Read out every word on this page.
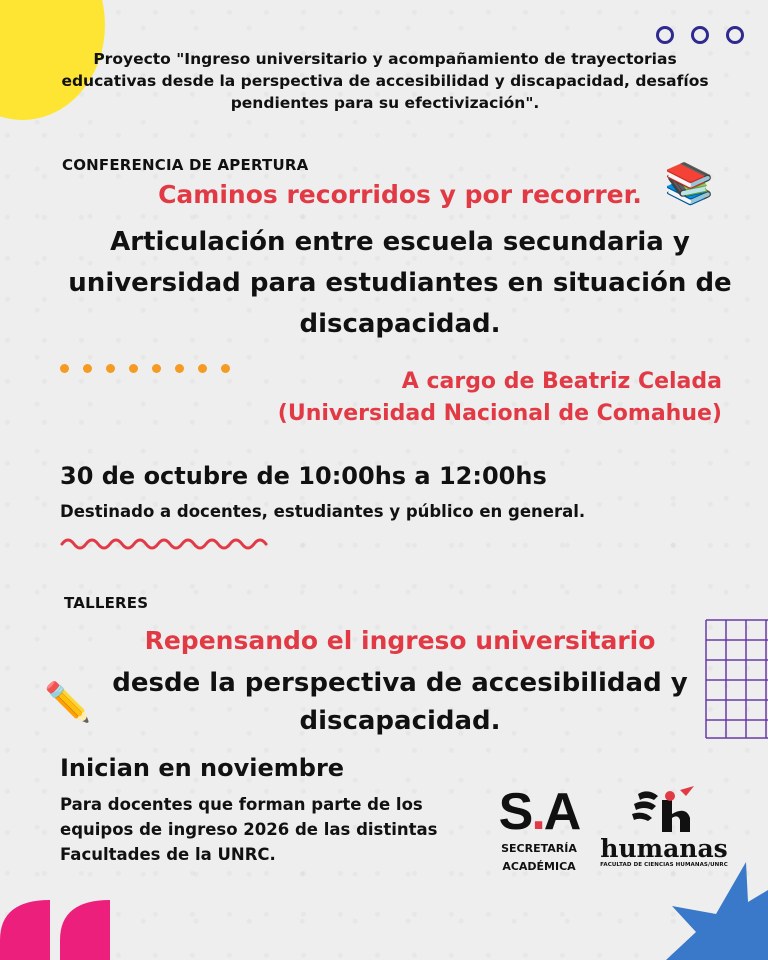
Proyecto "Ingreso universitario y acompañamiento de trayectorias educativas desde la perspectiva de accesibilidad y discapacidad, desafíos pendientes para su efectivización".
CONFERENCIA DE APERTURA	📚
Caminos recorridos y por recorrer.
Articulación entre escuela secundaria y universidad para estudiantes en situación de discapacidad.
A cargo de Beatriz Celada
(Universidad Nacional de Comahue)
30 de octubre de 10:00hs a 12:00hs
Destinado a docentes, estudiantes y público en general.
TALLERES
Repensando el ingreso universitario
✏️ desde la perspectiva de accesibilidad y discapacidad.
Inician en noviembre
Para docentes que forman parte de los equipos de ingreso 2026 de las distintas Facultades de la UNRC.
S.A
SECRETARÍA
ACADÉMICA
humanas
FACULTAD DE CIENCIAS HUMANAS/UNRC
